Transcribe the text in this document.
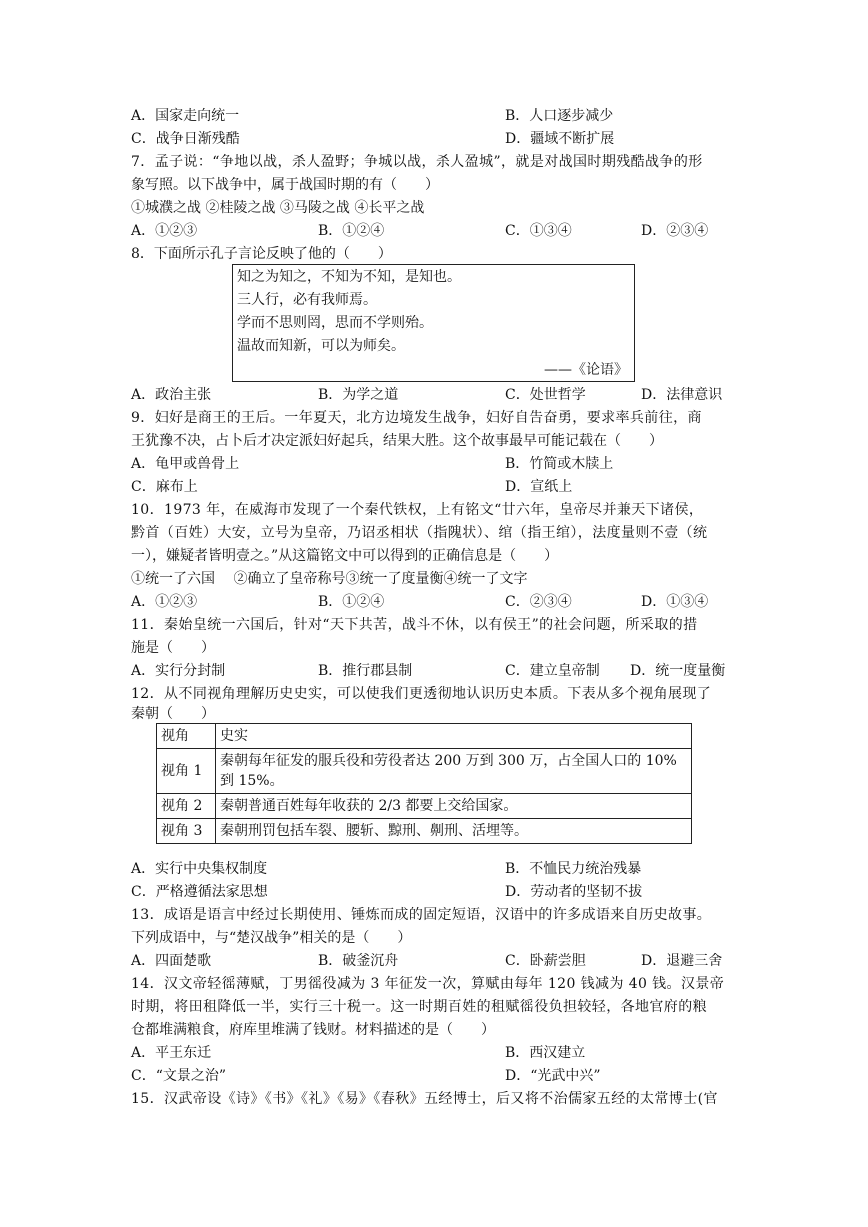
A．国家走向统一	B．人口逐步减少
C．战争日渐残酷	D．疆域不断扩展
7．孟子说：“争地以战，杀人盈野；争城以战，杀人盈城”，就是对战国时期残酷战争的形
象写照。以下战争中，属于战国时期的有（　　）
①城濮之战 ②桂陵之战 ③马陵之战 ④长平之战
A．①②③	B．①②④	C．①③④	D．②③④
8．下面所示孔子言论反映了他的（　　）
知之为知之，不知为不知，是知也。
三人行，必有我师焉。
学而不思则罔，思而不学则殆。
温故而知新，可以为师矣。
——《论语》
A．政治主张	B．为学之道	C．处世哲学	D．法律意识
9．妇好是商王的王后。一年夏天，北方边境发生战争，妇好自告奋勇，要求率兵前往，商
王犹豫不决，占卜后才决定派妇好起兵，结果大胜。这个故事最早可能记载在（　　）
A．龟甲或兽骨上	B．竹简或木牍上
C．麻布上	D．宣纸上
10．1973 年，在威海市发现了一个秦代铁权，上有铭文“廿六年，皇帝尽并兼天下诸侯，
黔首（百姓）大安，立号为皇帝，乃诏丞相状（指隗状）、绾（指王绾），法度量则不壹（统
一），嫌疑者皆明壹之。”从这篇铭文中可以得到的正确信息是（　　）
①统一了六国　 ②确立了皇帝称号③统一了度量衡④统一了文字
A．①②③	B．①②④	C．②③④	D．①③④
11．秦始皇统一六国后，针对“天下共苦，战斗不休，以有侯王”的社会问题，所采取的措
施是（　　）
A．实行分封制	B．推行郡县制	C．建立皇帝制 D．统一度量衡
12．从不同视角理解历史史实，可以使我们更透彻地认识历史本质。下表从多个视角展现了
秦朝（　　）
视角	史实
视角 1	秦朝每年征发的服兵役和劳役者达 200 万到 300 万，占全国人口的 10%到 15%。
视角 2	秦朝普通百姓每年收获的 2/3 都要上交给国家。
视角 3	秦朝刑罚包括车裂、腰斩、黥刑、劓刑、活埋等。
A．实行中央集权制度	B．不恤民力统治残暴
C．严格遵循法家思想	D．劳动者的坚韧不拔
13．成语是语言中经过长期使用、锤炼而成的固定短语，汉语中的许多成语来自历史故事。
下列成语中，与“楚汉战争”相关的是（　　）
A．四面楚歌	B．破釜沉舟	C．卧薪尝胆	D．退避三舍
14．汉文帝轻徭薄赋，丁男徭役减为 3 年征发一次，算赋由每年 120 钱减为 40 钱。汉景帝
时期，将田租降低一半，实行三十税一。这一时期百姓的租赋徭役负担较轻，各地官府的粮
仓都堆满粮食，府库里堆满了钱财。材料描述的是（　　）
A．平王东迁	B．西汉建立
C．“文景之治”	D．“光武中兴”
15．汉武帝设《诗》《书》《礼》《易》《春秋》五经博士，后又将不治儒家五经的太常博士(官
